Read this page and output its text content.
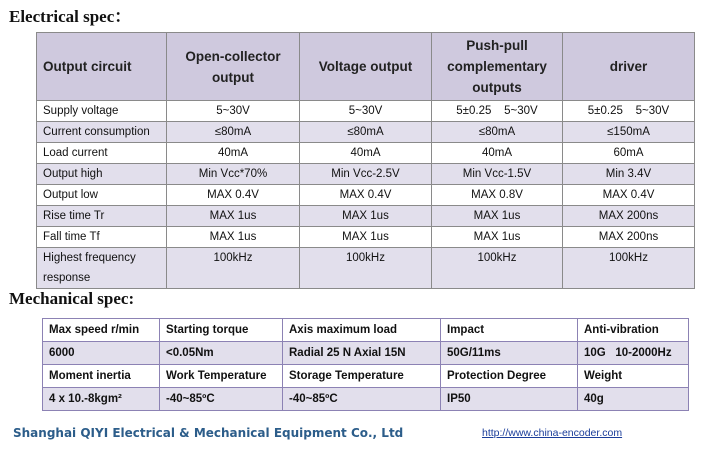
Electrical spec：
Output circuit	Open-collector output	Voltage output	Push-pull complementary outputs	driver
Supply voltage	5~30V	5~30V	5±0.25    5~30V	5±0.25    5~30V
Current consumption	≤80mA	≤80mA	≤80mA	≤150mA
Load current	40mA	40mA	40mA	60mA
Output high	Min Vcc*70%	Min Vcc-2.5V	Min Vcc-1.5V	Min 3.4V
Output low	MAX 0.4V	MAX 0.4V	MAX 0.8V	MAX 0.4V
Rise time Tr	MAX 1us	MAX 1us	MAX 1us	MAX 200ns
Fall time Tf	MAX 1us	MAX 1us	MAX 1us	MAX 200ns
Highest frequency response	100kHz	100kHz	100kHz	100kHz
Mechanical spec:
Max speed r/min	Starting torque	Axis maximum load	Impact	Anti-vibration
6000	<0.05Nm	Radial 25 N Axial 15N	50G/11ms	10G   10-2000Hz
Moment inertia	Work Temperature	Storage Temperature	Protection Degree	Weight
4 x 10.-8kgm²	-40~85ºC	-40~85ºC	IP50	40g
Shanghai QIYI Electrical & Mechanical Equipment Co., Ltd	http://www.china-encoder.com
